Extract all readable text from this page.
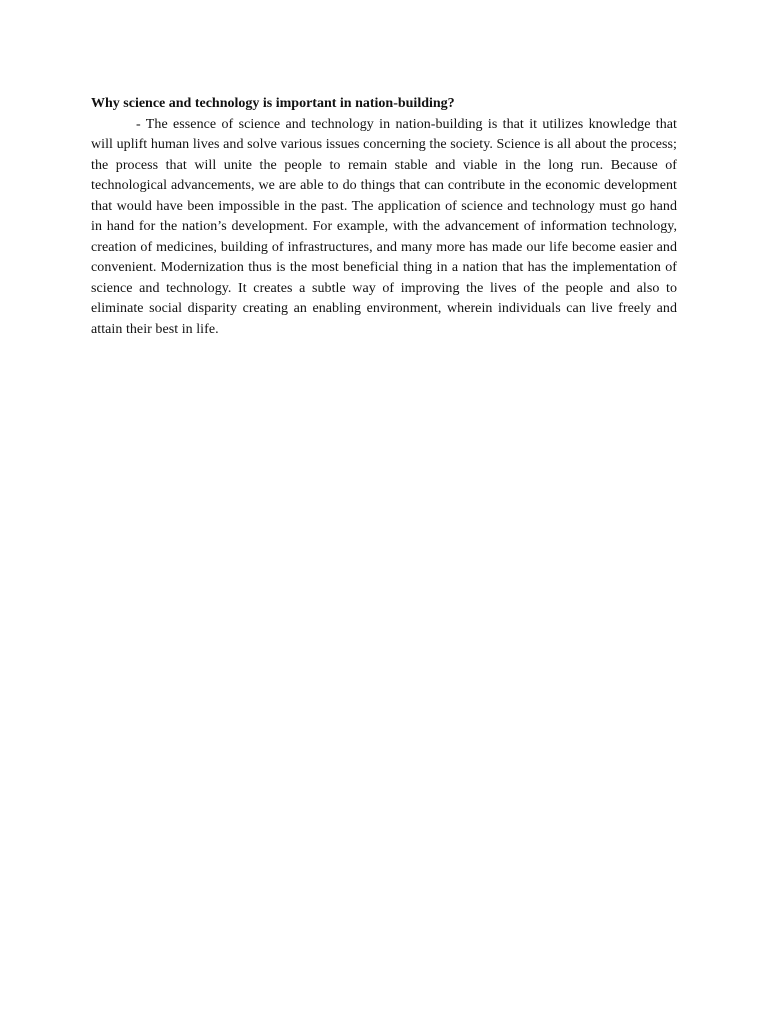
Why science and technology is important in nation-building?

- The essence of science and technology in nation-building is that it utilizes knowledge that will uplift human lives and solve various issues concerning the society. Science is all about the process; the process that will unite the people to remain stable and viable in the long run. Because of technological advancements, we are able to do things that can contribute in the economic development that would have been impossible in the past. The application of science and technology must go hand in hand for the nation’s development. For example, with the advancement of information technology, creation of medicines, building of infrastructures, and many more has made our life become easier and convenient. Modernization thus is the most beneficial thing in a nation that has the implementation of science and technology. It creates a subtle way of improving the lives of the people and also to eliminate social disparity creating an enabling environment, wherein individuals can live freely and attain their best in life.
